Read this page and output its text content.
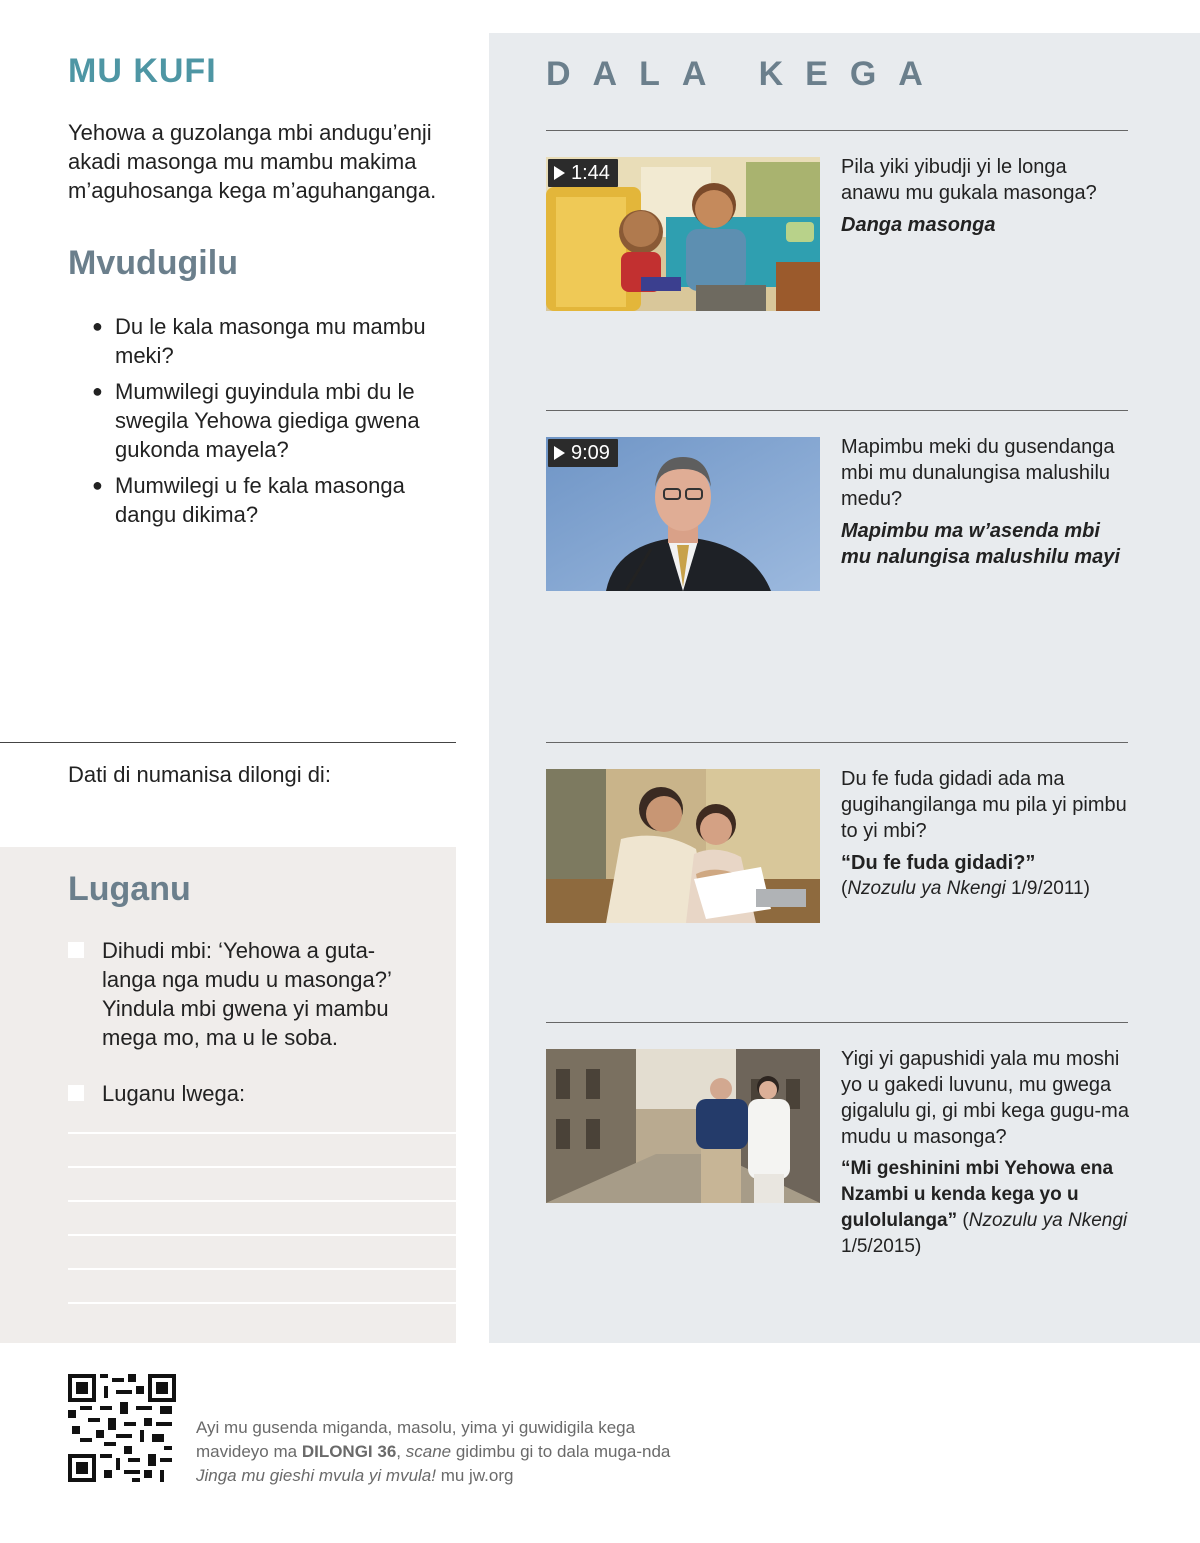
MU KUFI
Yehowa a guzolanga mbi andugu’enji akadi masonga mu mambu makima m’aguhosanga kega m’aguhanganga.
Mvudugilu
● Du le kala masonga mu mambu meki?
● Mumwilegi guyindula mbi du le swegila Yehowa giediga gwena gukonda mayela?
● Mumwilegi u fe kala masonga dangu dikima?
Dati di numanisa dilongi di:
Luganu
Dihudi mbi: ‘Yehowa a guta-langa nga mudu u masonga?’ Yindula mbi gwena yi mambu mega mo, ma u le soba.
Luganu lwega:
DALA KEGA
1:44	Pila yiki yibudji yi le longa anawu mu gukala masonga?
Danga masonga
9:09	Mapimbu meki du gusendanga mbi mu dunalungisa malushilu medu?
Mapimbu ma w’asenda mbi mu nalungisa malushilu mayi
Du fe fuda gidadi ada ma gugihangilanga mu pila yi pimbu to yi mbi?
“Du fe fuda gidadi?”
(Nzozulu ya Nkengi 1/9/2011)
Yigi yi gapushidi yala mu moshi yo u gakedi luvunu, mu gwega gigalulu gi, gi mbi kega gugu-ma mudu u masonga?
“Mi geshinini mbi Yehowa ena Nzambi u kenda kega yo u gulolulanga” (Nzozulu ya Nkengi 1/5/2015)
Ayi mu gusenda miganda, masolu, yima yi guwidigila kega mavideyo ma DILONGI 36, scane gidimbu gi to dala muga-nda Jinga mu gieshi mvula yi mvula! mu jw.org
